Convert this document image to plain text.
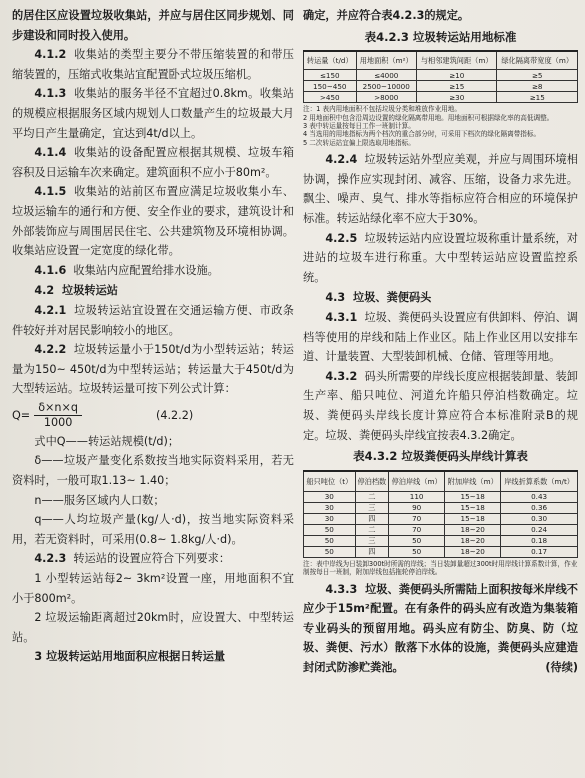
的居住区应设置垃圾收集站，并应与居住区同步规划、同步建设和同时投入使用。

4.1.2 收集站的类型主要分不带压缩装置的和带压缩装置的，压缩式收集站宜配置卧式垃圾压缩机。

4.1.3 收集站的服务半径不宜超过0.8km。收集站的规模应根据服务区域内规划人口数量产生的垃圾最大月平均日产生量确定，宜达到4t/d以上。

4.1.4 收集站的设备配置应根据其规模、垃圾车箱容积及日运输车次来确定。建筑面积不应小于80m²。

4.1.5 收集站的站前区布置应满足垃圾收集小车、垃圾运输车的通行和方便、安全作业的要求，建筑设计和外部装饰应与周围居民住宅、公共建筑物及环境相协调。收集站应设置一定宽度的绿化带。

4.1.6 收集站内应配置给排水设施。

4.2 垃圾转运站

4.2.1 垃圾转运站宜设置在交通运输方便、市政条件较好并对居民影响较小的地区。

4.2.2 垃圾转运量小于150t/d为小型转运站；转运量为150~ 450t/d为中型转运站；转运量大于450t/d为大型转运站。垃圾转运量可按下列公式计算：

$Q= \frac{\delta\times n\times q}{1000}$	(4.2.2)

式中Q——转运站规模(t/d)；

δ——垃圾产量变化系数按当地实际资料采用，若无资料时，一般可取1.13~ 1.40；

n——服务区域内人口数；

q——人均垃圾产量(kg/人·d)，按当地实际资料采用，若无资料时，可采用(0.8~ 1.8kg/人·d)。

4.2.3 转运站的设置应符合下列要求：

1 小型转运站每2~ 3km²设置一座，用地面积不宜小于800m²。

2 垃圾运输距离超过20km时，应设置大、中型转运站。

3 垃圾转运站用地面积应根据日转运量

确定，并应符合表4.2.3的规定。

表4.2.3 垃圾转运站用地标准
转运量（t/d）	用地面积（m²）	与相邻建筑间距（m）	绿化隔离带宽度（m）
≤150	≤4000	≥10	≥5
150~450	2500~10000	≥15	≥8
>450	>8000	≥30	≥15
注：1 表内用地面积不包括垃圾分类和堆放作业用地。
2 用地面积中包含沿周边设置的绿化隔离带用地。用地面积可根据绿化率的高低调整。
3 表中转运量按每日工作一班制计算。
4 当选用的用地指标为两个档次的重合部分时，可采用下档次的绿化隔离带指标。
5 二次转运站宜偏上限选取用地指标。

4.2.4 垃圾转运站外型应美观，并应与周围环境相协调，操作应实现封闭、减容、压缩，设备力求先进。飘尘、噪声、臭气、排水等指标应符合相应的环境保护标准。转运站绿化率不应大于30%。

4.2.5 垃圾转运站内应设置垃圾称重计量系统，对进站的垃圾车进行称重。大中型转运站应设置监控系统。

4.3 垃圾、粪便码头

4.3.1 垃圾、粪便码头设置应有供卸料、停泊、调档等使用的岸线和陆上作业区。陆上作业区用以安排车道、计量装置、大型装卸机械、仓储、管理等用地。

4.3.2 码头所需要的岸线长度应根据装卸量、装卸生产率、船只吨位、河道允许船只停泊档数确定。垃圾、粪便码头岸线长度计算应符合本标准附录B的规定。垃圾、粪便码头岸线宜按表4.3.2确定。

表4.3.2 垃圾粪便码头岸线计算表
船只吨位（t）	停泊档数	停泊岸线（m）	附加岸线（m）	岸线折算系数（m/t）
30	二	110	15~18	0.43
30	三	90	15~18	0.36
30	四	70	15~18	0.30
50	二	70	18~20	0.24
50	三	50	18~20	0.18
50	四	50	18~20	0.17
注：表中岸线为日装卸300t时所需的岸线；当日装卸量超过300t时用岸线计算系数计算，作业制按每日一班制，附加岸线包括拖轮停泊岸线。

4.3.3 垃圾、粪便码头所需陆上面积按每米岸线不应少于15m²配置。在有条件的码头应有改造为集装箱专业码头的预留用地。码头应有防尘、防臭、防（垃圾、粪便、污水）散落下水体的设施，粪便码头应建造封闭式防渗贮粪池。	(待续)
